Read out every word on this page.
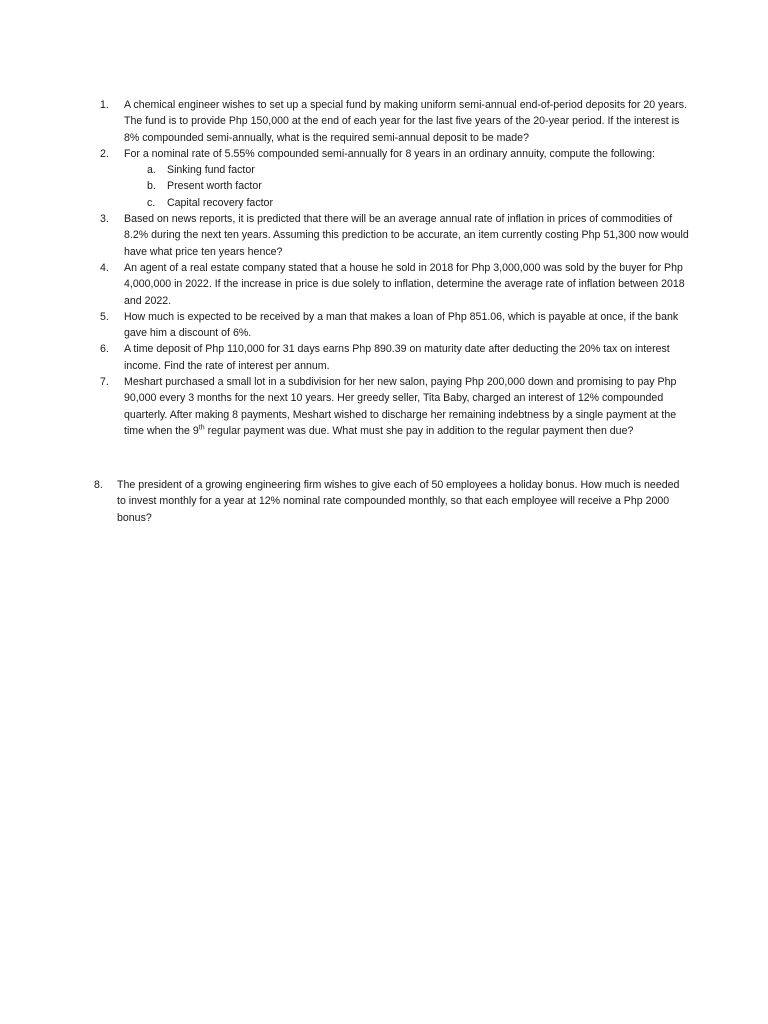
1.	A chemical engineer wishes to set up a special fund by making uniform semi-annual end-of-period deposits for 20 years. The fund is to provide Php 150,000 at the end of each year for the last five years of the 20-year period. If the interest is 8% compounded semi-annually, what is the required semi-annual deposit to be made?
2.	For a nominal rate of 5.55% compounded semi-annually for 8 years in an ordinary annuity, compute the following:
a.	Sinking fund factor
b.	Present worth factor
c.	Capital recovery factor
3.	Based on news reports, it is predicted that there will be an average annual rate of inflation in prices of commodities of 8.2% during the next ten years. Assuming this prediction to be accurate, an item currently costing Php 51,300 now would have what price ten years hence?
4.	An agent of a real estate company stated that a house he sold in 2018 for Php 3,000,000 was sold by the buyer for Php 4,000,000 in 2022. If the increase in price is due solely to inflation, determine the average rate of inflation between 2018 and 2022.
5.	How much is expected to be received by a man that makes a loan of Php 851.06, which is payable at once, if the bank gave him a discount of 6%.
6.	A time deposit of Php 110,000 for 31 days earns Php 890.39 on maturity date after deducting the 20% tax on interest income. Find the rate of interest per annum.
7.	Meshart purchased a small lot in a subdivision for her new salon, paying Php 200,000 down and promising to pay Php 90,000 every 3 months for the next 10 years. Her greedy seller, Tita Baby, charged an interest of 12% compounded quarterly. After making 8 payments, Meshart wished to discharge her remaining indebtness by a single payment at the time when the 9th regular payment was due. What must she pay in addition to the regular payment then due?
8.	The president of a growing engineering firm wishes to give each of 50 employees a holiday bonus. How much is needed to invest monthly for a year at 12% nominal rate compounded monthly, so that each employee will receive a Php 2000 bonus?
